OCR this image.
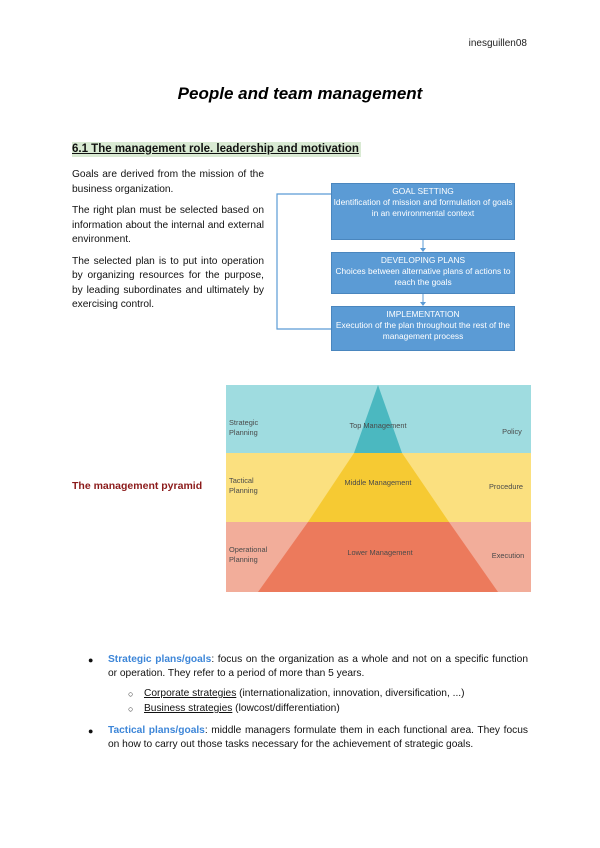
inesguillen08
People and team management
6.1 The management role. leadership and motivation

Goals are derived from the mission of the business organization.

The right plan must be selected based on information about the internal and external environment.

The selected plan is to put into operation by organizing resources for the purpose, by leading subordinates and ultimately by exercising control.

GOAL SETTING
Identification of mission and formulation of goals in an environmental context
DEVELOPING PLANS
Choices between alternative plans of actions to reach the goals
IMPLEMENTATION
Execution of the plan throughout the rest of the management process
The management pyramid
Strategic Planning
Top Management
Policy
Tactical Planning
Middle Management	Procedure
Operational Planning
Lower Management	Execution
● Strategic plans/goals: focus on the organization as a whole and not on a specific function or operation. They refer to a period of more than 5 years.
○ Corporate strategies (internationalization, innovation, diversification, ...)
○ Business strategies (lowcost/differentiation)
● Tactical plans/goals: middle managers formulate them in each functional area. They focus on how to carry out those tasks necessary for the achievement of strategic goals.
